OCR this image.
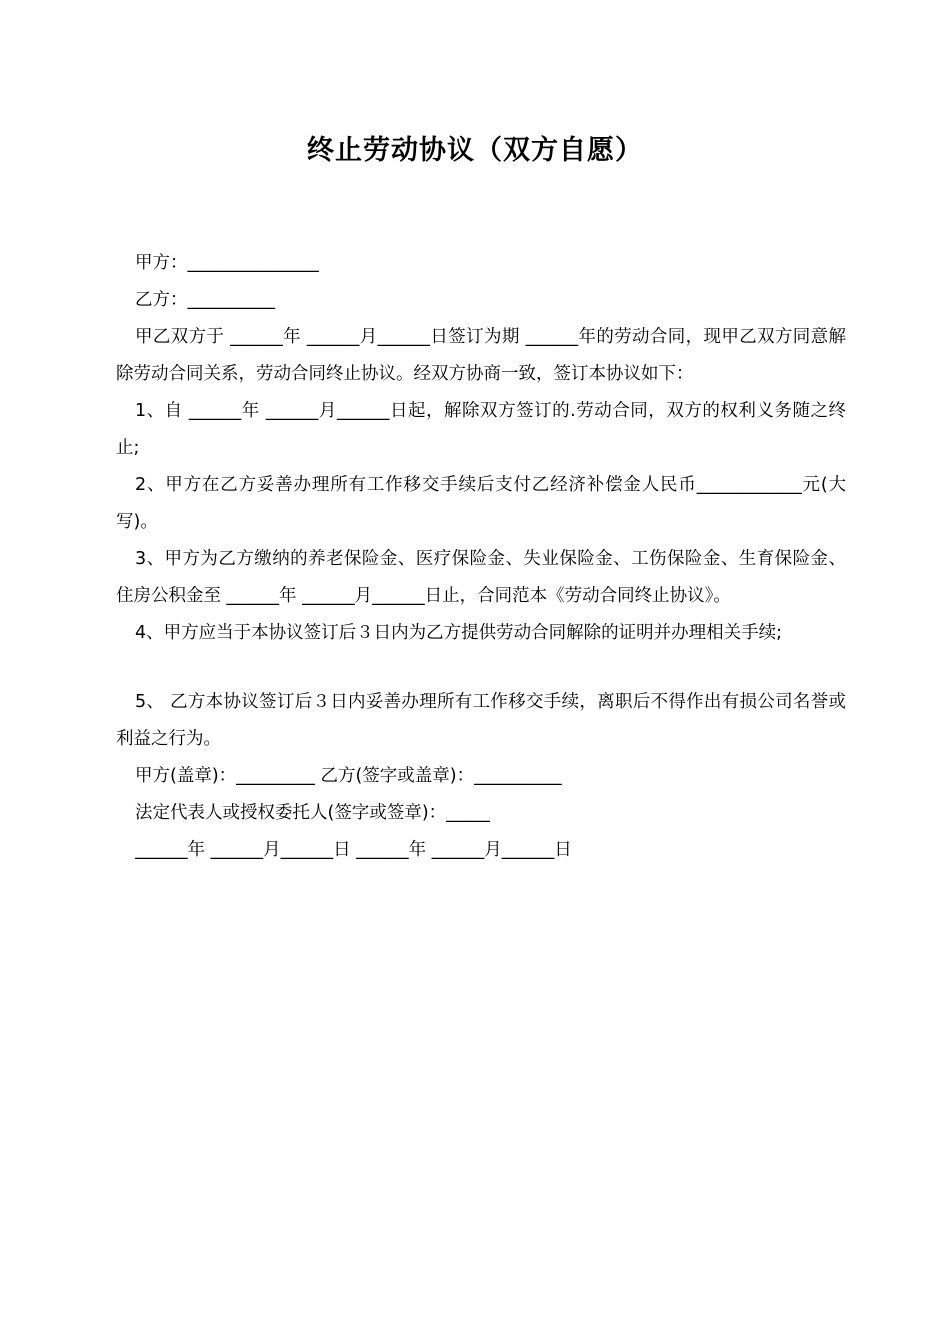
终止劳动协议（双方自愿）
甲方：_______________
乙方：__________
甲乙双方于 ______年 ______月______日签订为期 ______年的劳动合同，现甲乙双方同意解除劳动合同关系，劳动合同终止协议。经双方协商一致，签订本协议如下：
1、自 ______年 ______月______日起，解除双方签订的.劳动合同，双方的权利义务随之终止;
2、甲方在乙方妥善办理所有工作移交手续后支付乙经济补偿金人民币____________元(大写)。
3、甲方为乙方缴纳的养老保险金、医疗保险金、失业保险金、工伤保险金、生育保险金、住房公积金至 ______年 ______月______日止，合同范本《劳动合同终止协议》。
4、甲方应当于本协议签订后３日内为乙方提供劳动合同解除的证明并办理相关手续;
5、 乙方本协议签订后３日内妥善办理所有工作移交手续，离职后不得作出有损公司名誉或利益之行为。
甲方(盖章)：_________ 乙方(签字或盖章)：__________
法定代表人或授权委托人(签字或签章)：_____
______年 ______月______日 ______年 ______月______日
